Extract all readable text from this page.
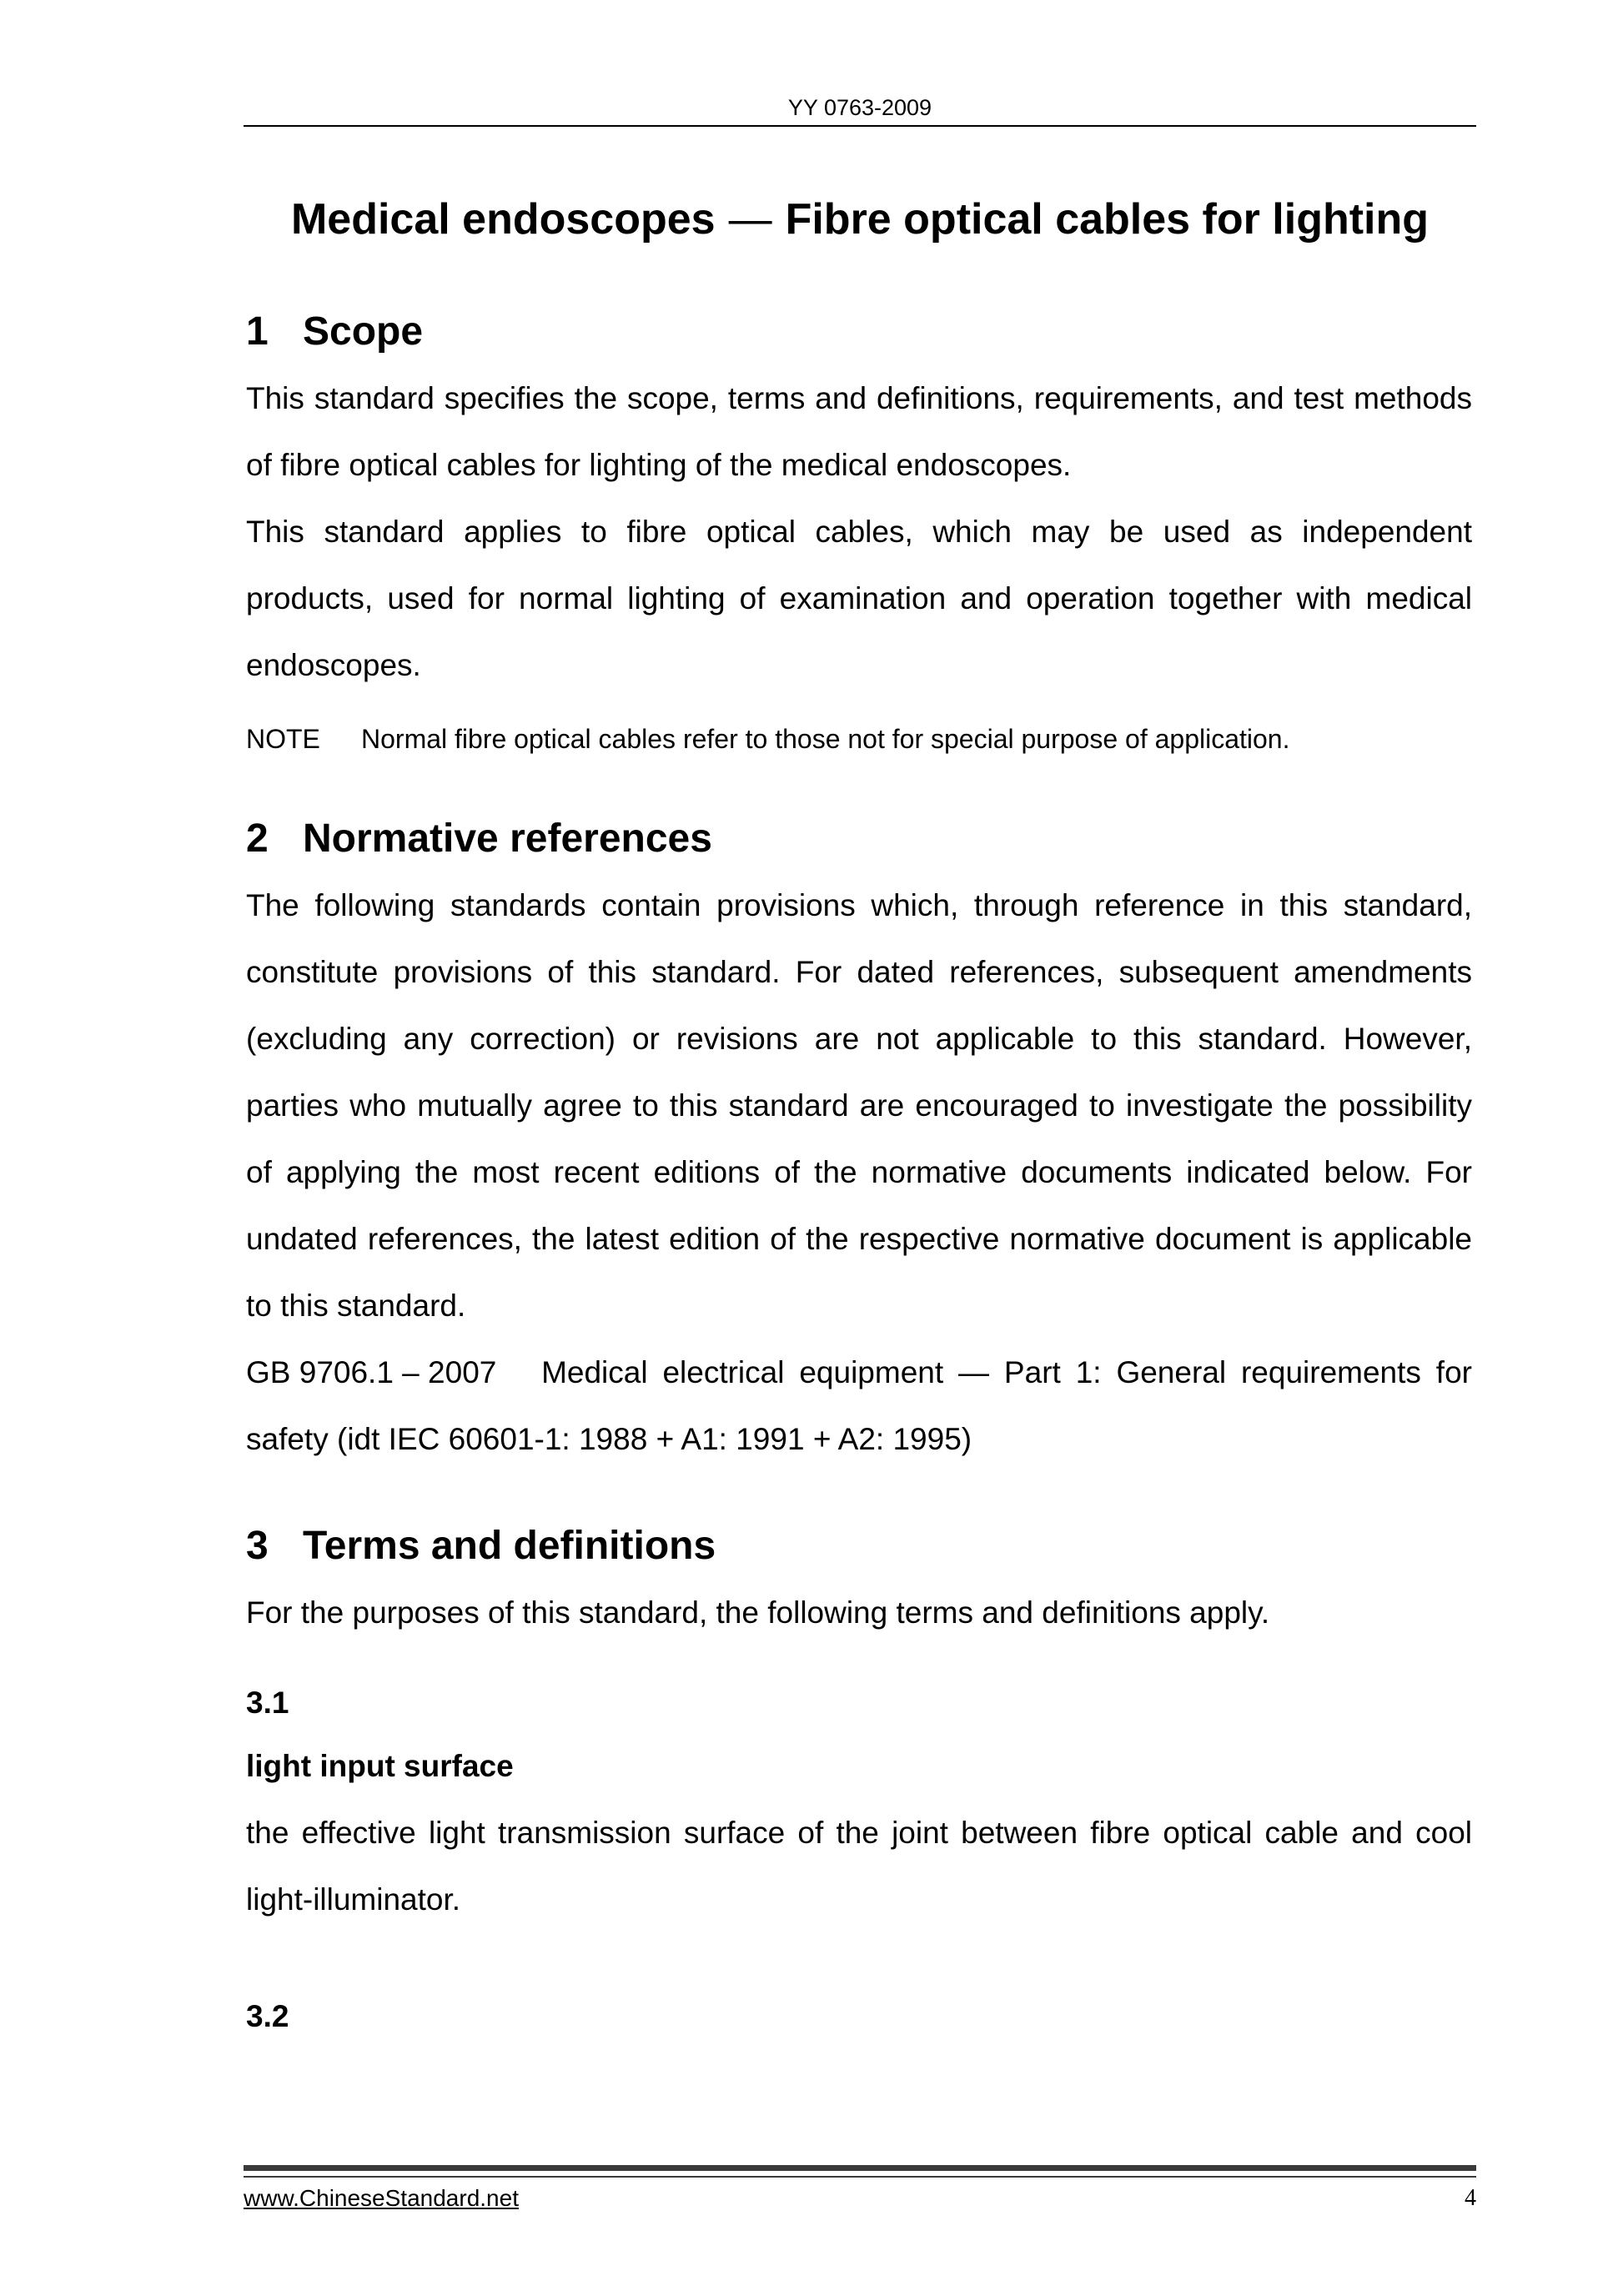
YY 0763-2009
Medical endoscopes — Fibre optical cables for lighting
1 Scope

This standard specifies the scope, terms and definitions, requirements, and test methods of fibre optical cables for lighting of the medical endoscopes.

This standard applies to fibre optical cables, which may be used as independent products, used for normal lighting of examination and operation together with medical endoscopes.

NOTE Normal fibre optical cables refer to those not for special purpose of application.
2 Normative references

The following standards contain provisions which, through reference in this standard, constitute provisions of this standard. For dated references, subsequent amendments (excluding any correction) or revisions are not applicable to this standard. However, parties who mutually agree to this standard are encouraged to investigate the possibility of applying the most recent editions of the normative documents indicated below. For undated references, the latest edition of the respective normative document is applicable to this standard.

GB 9706.1 – 2007 Medical electrical equipment — Part 1: General requirements for safety (idt IEC 60601-1: 1988 + A1: 1991 + A2: 1995)

3 Terms and definitions

For the purposes of this standard, the following terms and definitions apply.

3.1
light input surface

the effective light transmission surface of the joint between fibre optical cable and cool light-illuminator.

3.2
www.ChineseStandard.net	4
